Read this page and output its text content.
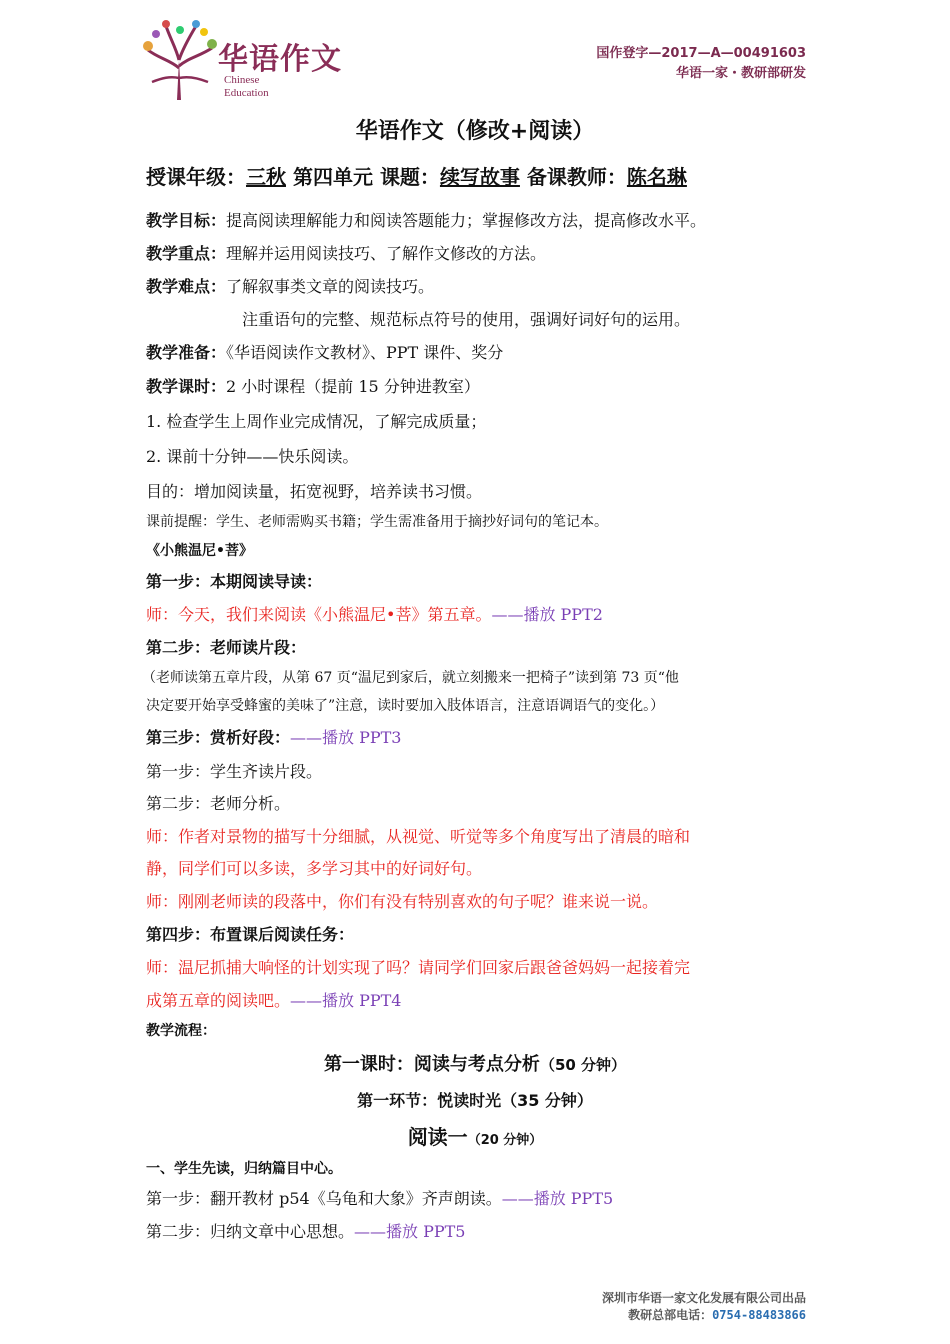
华语作文
Chinese
Education
国作登字—2017—A—00491603
华语一家・教研部研发
华语作文（修改+阅读）
授课年级：三秋 第四单元 课题：续写故事 备课教师：陈名琳
教学目标：提高阅读理解能力和阅读答题能力；掌握修改方法，提高修改水平。
教学重点：理解并运用阅读技巧、了解作文修改的方法。
教学难点：了解叙事类文章的阅读技巧。
注重语句的完整、规范标点符号的使用，强调好词好句的运用。
教学准备：《华语阅读作文教材》、PPT 课件、奖分
教学课时：2 小时课程（提前 15 分钟进教室）
1. 检查学生上周作业完成情况，了解完成质量；
2. 课前十分钟——快乐阅读。
目的：增加阅读量，拓宽视野，培养读书习惯。
课前提醒：学生、老师需购买书籍；学生需准备用于摘抄好词句的笔记本。
《小熊温尼•菩》
第一步：本期阅读导读：
师：今天，我们来阅读《小熊温尼•菩》第五章。——播放 PPT2
第二步：老师读片段：
（老师读第五章片段，从第 67 页“温尼到家后，就立刻搬来一把椅子”读到第 73 页“他
决定要开始享受蜂蜜的美味了”注意，读时要加入肢体语言，注意语调语气的变化。）
第三步：赏析好段：——播放 PPT3
第一步：学生齐读片段。
第二步：老师分析。
师：作者对景物的描写十分细腻，从视觉、听觉等多个角度写出了清晨的暗和
静，同学们可以多读，多学习其中的好词好句。
师：刚刚老师读的段落中，你们有没有特别喜欢的句子呢？谁来说一说。
第四步：布置课后阅读任务：
师：温尼抓捕大响怪的计划实现了吗？请同学们回家后跟爸爸妈妈一起接着完
成第五章的阅读吧。——播放 PPT4
教学流程：
第一课时：阅读与考点分析（50 分钟）
第一环节：悦读时光（35 分钟）
阅读一（20 分钟）
一、学生先读，归纳篇目中心。
第一步：翻开教材 p54《乌龟和大象》齐声朗读。——播放 PPT5
第二步：归纳文章中心思想。——播放 PPT5
深圳市华语一家文化发展有限公司出品
教研总部电话：0754-88483866
